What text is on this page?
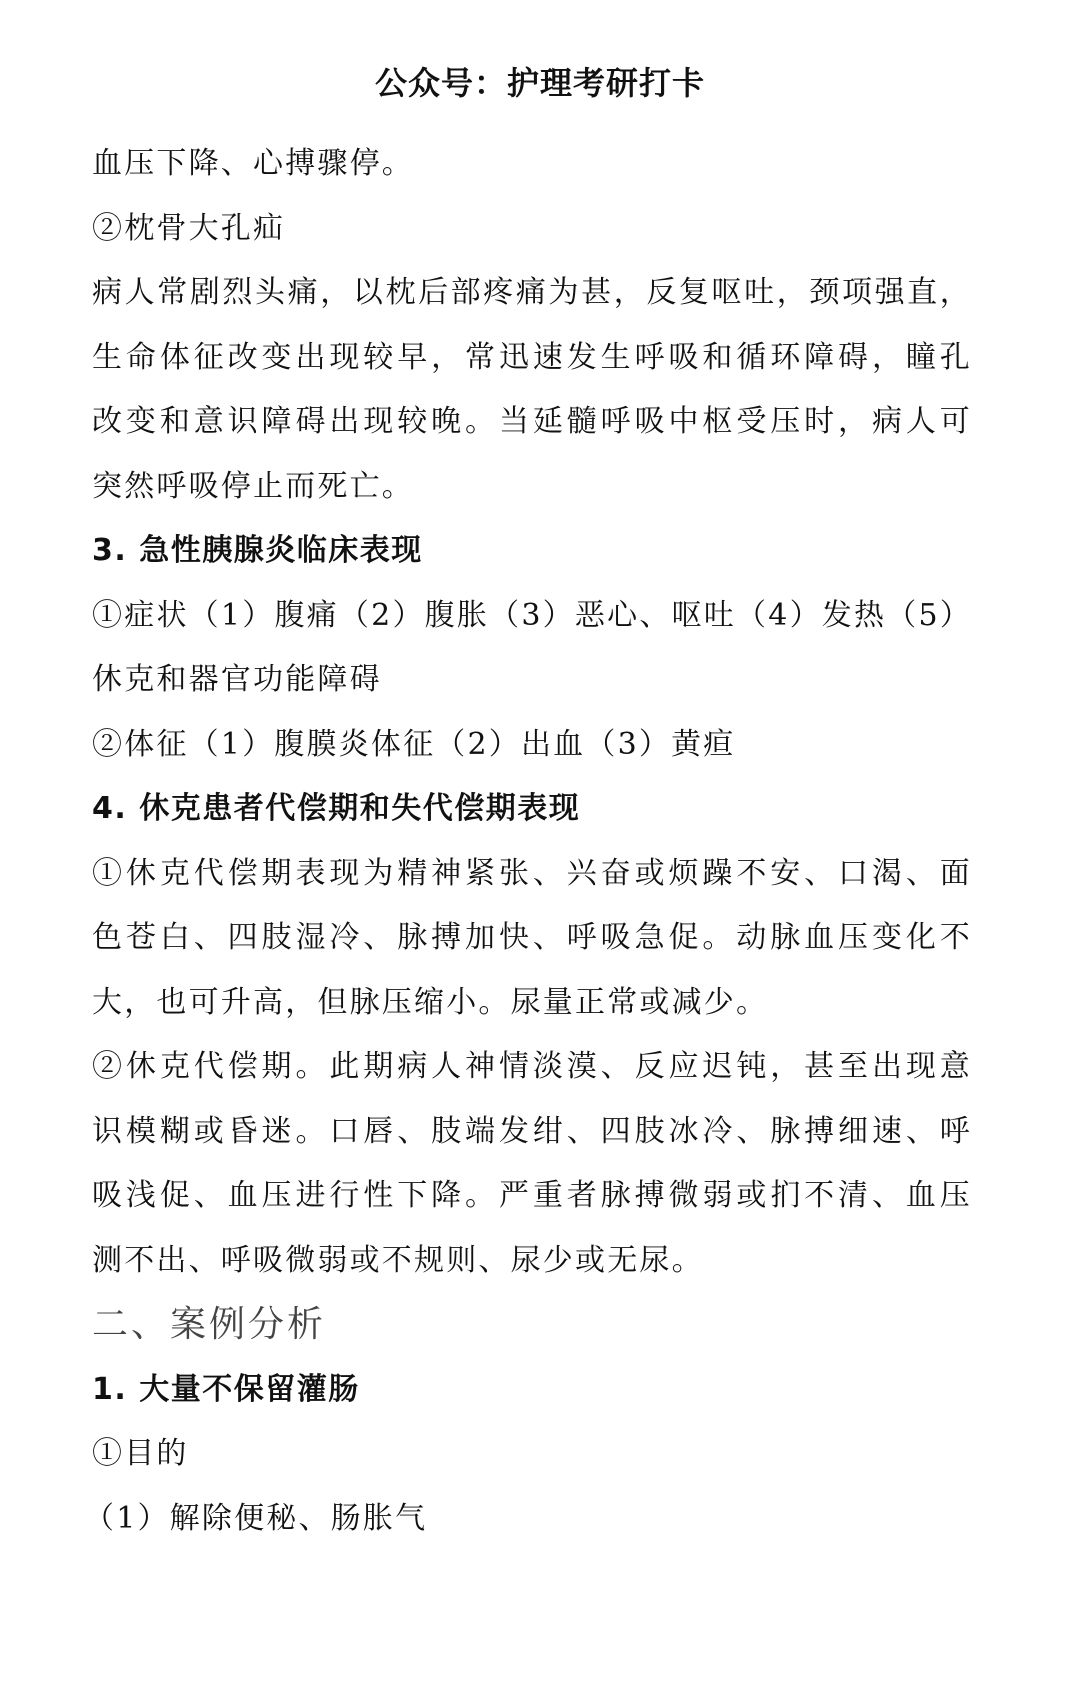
公众号：护理考研打卡
血压下降、心搏骤停。
②枕骨大孔疝
病人常剧烈头痛，以枕后部疼痛为甚，反复呕吐，颈项强直，
生命体征改变出现较早，常迅速发生呼吸和循环障碍，瞳孔
改变和意识障碍出现较晚。当延髓呼吸中枢受压时，病人可
突然呼吸停止而死亡。
3. 急性胰腺炎临床表现
①症状（1）腹痛（2）腹胀（3）恶心、呕吐（4）发热（5）
休克和器官功能障碍
②体征（1）腹膜炎体征（2）出血（3）黄疸
4. 休克患者代偿期和失代偿期表现
①休克代偿期表现为精神紧张、兴奋或烦躁不安、口渴、面
色苍白、四肢湿冷、脉搏加快、呼吸急促。动脉血压变化不
大，也可升高，但脉压缩小。尿量正常或减少。
②休克代偿期。此期病人神情淡漠、反应迟钝，甚至出现意
识模糊或昏迷。口唇、肢端发绀、四肢冰冷、脉搏细速、呼
吸浅促、血压进行性下降。严重者脉搏微弱或扪不清、血压
测不出、呼吸微弱或不规则、尿少或无尿。
二、案例分析
1. 大量不保留灌肠
①目的
（1）解除便秘、肠胀气
